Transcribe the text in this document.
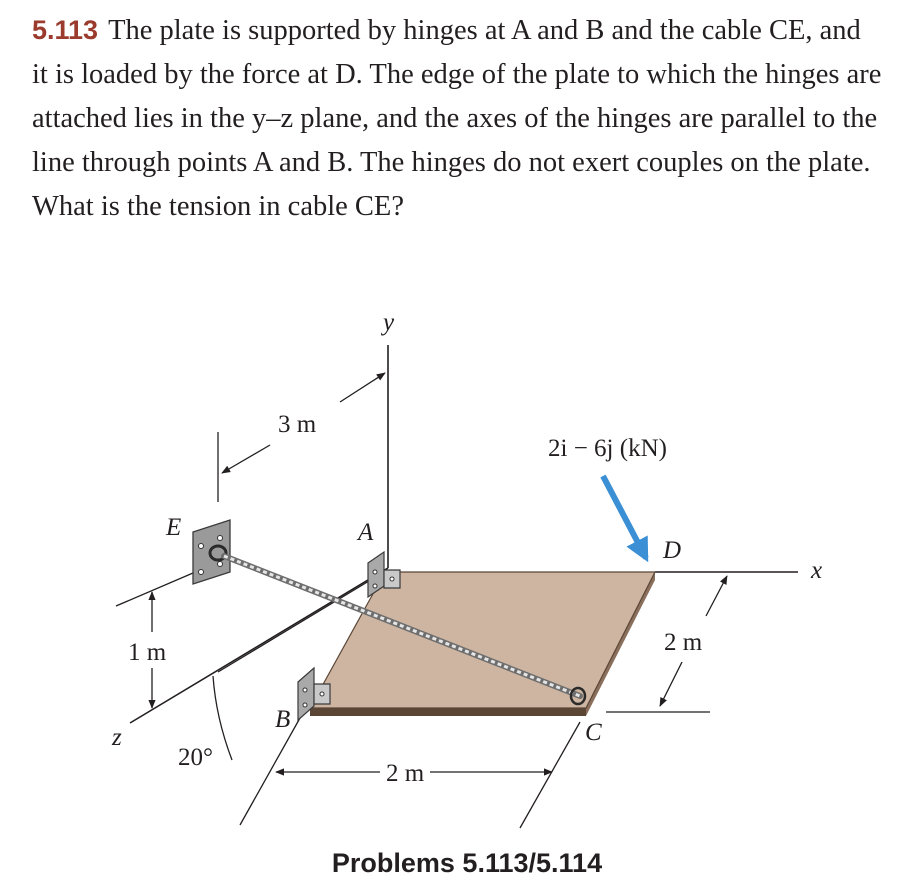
5.113 The plate is supported by hinges at A and B and the cable CE, and it is loaded by the force at D. The edge of the plate to which the hinges are attached lies in the y–z plane, and the axes of the hinges are parallel to the line through points A and B. The hinges do not exert couples on the plate. What is the tension in cable CE?
3 m
1 m
20°
2 m
2 m
2i − 6j (kN)
y
x
z
E	A
B	C
D
Problems 5.113/5.114
